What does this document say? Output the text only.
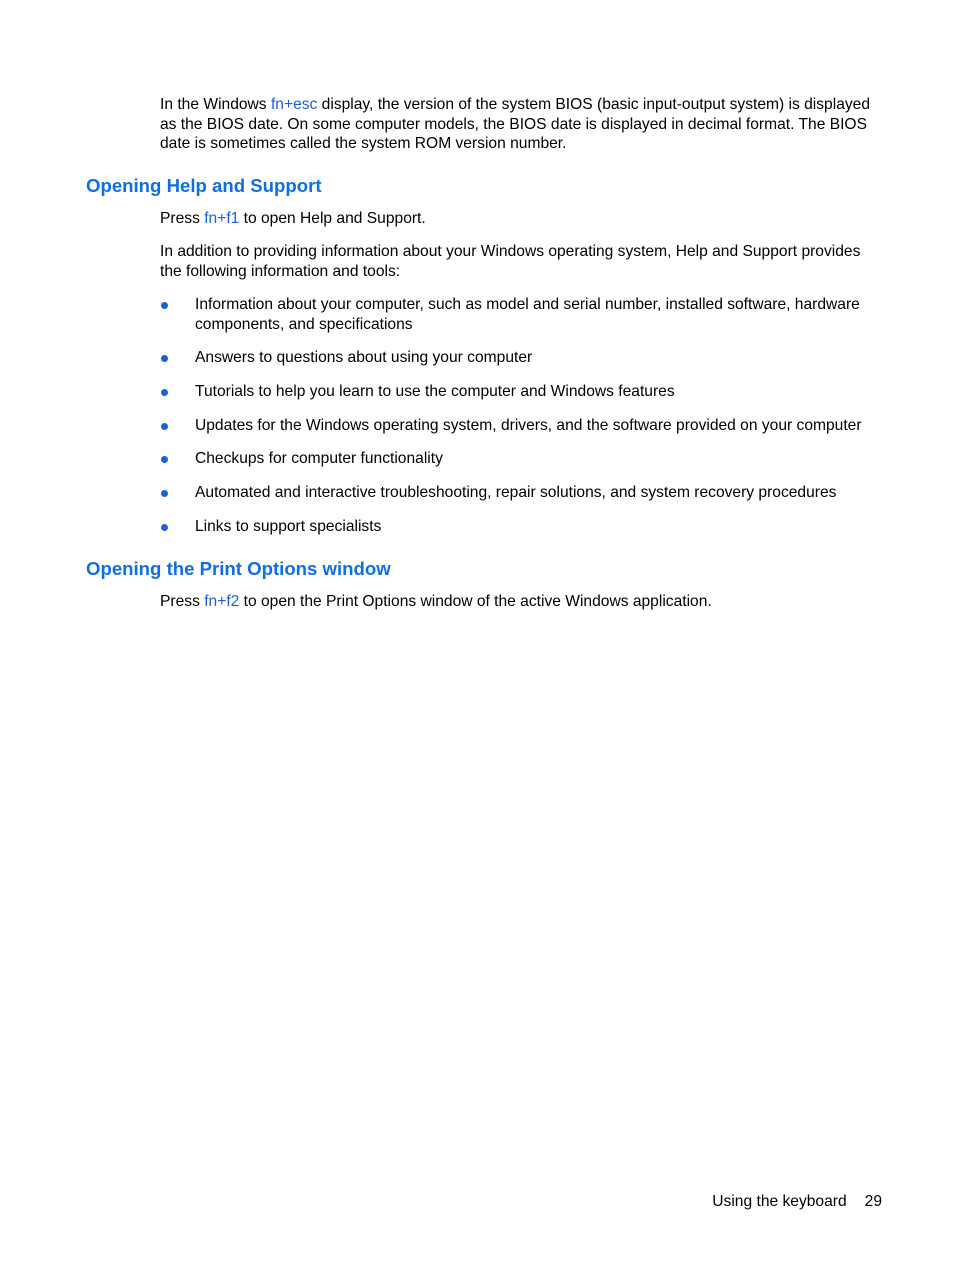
In the Windows fn+esc display, the version of the system BIOS (basic input-output system) is displayed as the BIOS date. On some computer models, the BIOS date is displayed in decimal format. The BIOS date is sometimes called the system ROM version number.

Opening Help and Support

Press fn+f1 to open Help and Support.

In addition to providing information about your Windows operating system, Help and Support provides the following information and tools:

Information about your computer, such as model and serial number, installed software, hardware components, and specifications
Answers to questions about using your computer
Tutorials to help you learn to use the computer and Windows features
Updates for the Windows operating system, drivers, and the software provided on your computer
Checkups for computer functionality
Automated and interactive troubleshooting, repair solutions, and system recovery procedures
Links to support specialists
Opening the Print Options window

Press fn+f2 to open the Print Options window of the active Windows application.

Using the keyboard 29
